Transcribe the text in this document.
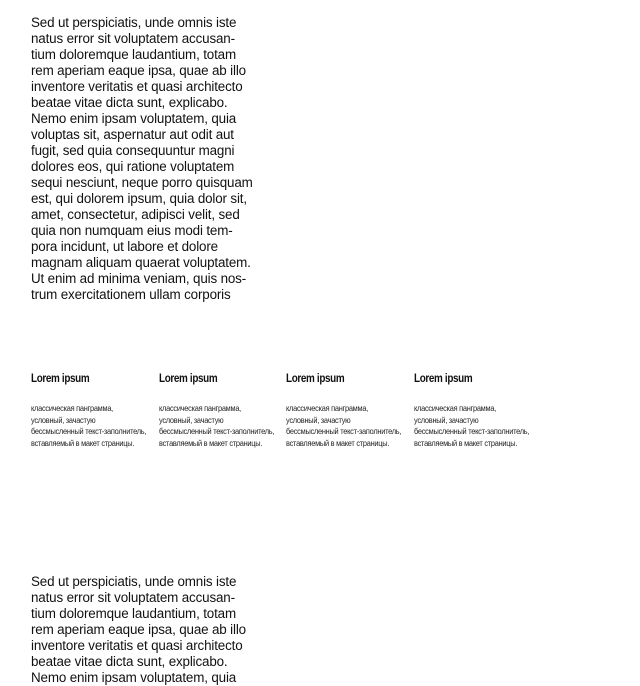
Sed ut perspiciatis, unde omnis iste
natus error sit voluptatem accusan-
tium doloremque laudantium, totam
rem aperiam eaque ipsa, quae ab illo
inventore veritatis et quasi architecto
beatae vitae dicta sunt, explicabo.
Nemo enim ipsam voluptatem, quia
voluptas sit, aspernatur aut odit aut
fugit, sed quia consequuntur magni
dolores eos, qui ratione voluptatem
sequi nesciunt, neque porro quisquam
est, qui dolorem ipsum, quia dolor sit,
amet, consectetur, adipisci velit, sed
quia non numquam eius modi tem-
pora incidunt, ut labore et dolore
magnam aliquam quaerat voluptatem.
Ut enim ad minima veniam, quis nos-
trum exercitationem ullam corporis
Lorem ipsum
классическая панграмма,
условный, зачастую
бессмысленный текст-заполнитель,
вставляемый в макет страницы.
Lorem ipsum
классическая панграмма,
условный, зачастую
бессмысленный текст-заполнитель,
вставляемый в макет страницы.
Lorem ipsum
классическая панграмма,
условный, зачастую
бессмысленный текст-заполнитель,
вставляемый в макет страницы.
Lorem ipsum
классическая панграмма,
условный, зачастую
бессмысленный текст-заполнитель,
вставляемый в макет страницы.
Sed ut perspiciatis, unde omnis iste
natus error sit voluptatem accusan-
tium doloremque laudantium, totam
rem aperiam eaque ipsa, quae ab illo
inventore veritatis et quasi architecto
beatae vitae dicta sunt, explicabo.
Nemo enim ipsam voluptatem, quia
